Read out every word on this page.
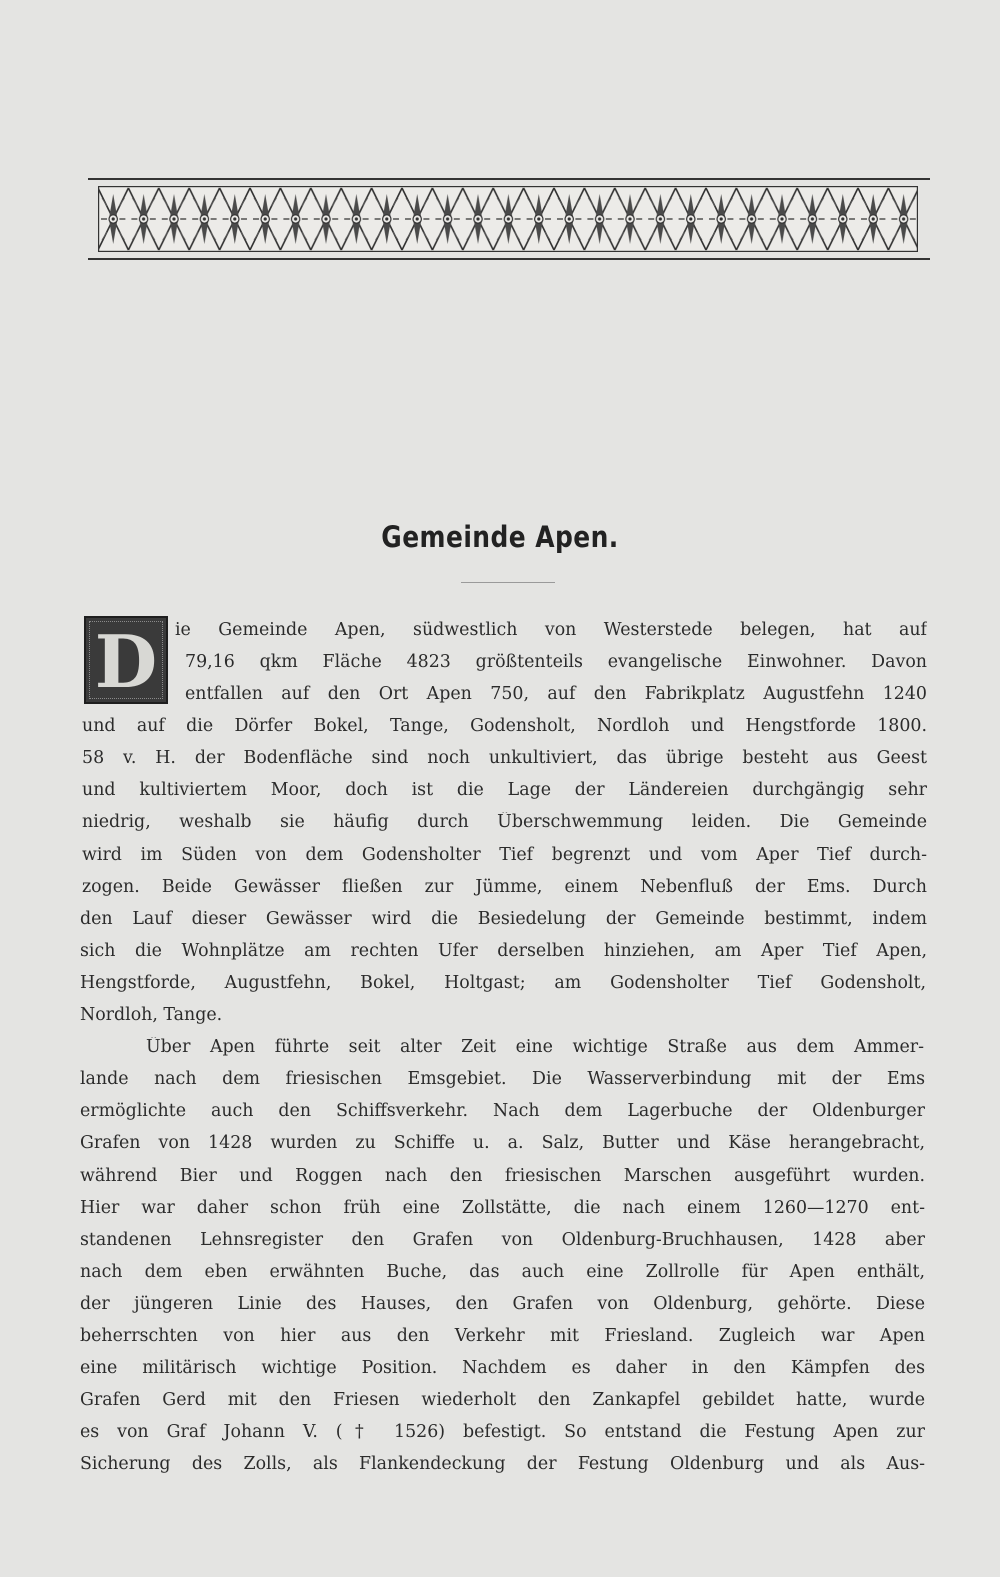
Gemeinde Apen.
D	ie Gemeinde Apen, südwestlich von Westerstede belegen, hat auf

79,16 qkm Fläche 4823 größtenteils evangelische Einwohner. Davon

entfallen auf den Ort Apen 750, auf den Fabrikplatz Augustfehn 1240

und auf die Dörfer Bokel, Tange, Godensholt, Nordloh und Hengstforde 1800.

58 v. H. der Bodenfläche sind noch unkultiviert, das übrige besteht aus Geest

und kultiviertem Moor, doch ist die Lage der Ländereien durchgängig sehr

niedrig, weshalb sie häufig durch Überschwemmung leiden. Die Gemeinde

wird im Süden von dem Godensholter Tief begrenzt und vom Aper Tief durch-

zogen. Beide Gewässer fließen zur Jümme, einem Nebenfluß der Ems. Durch

den Lauf dieser Gewässer wird die Besiedelung der Gemeinde bestimmt, indem

sich die Wohnplätze am rechten Ufer derselben hinziehen, am Aper Tief Apen,

Hengstforde, Augustfehn, Bokel, Holtgast; am Godensholter Tief Godensholt,

Nordloh, Tange.

Über Apen führte seit alter Zeit eine wichtige Straße aus dem Ammer-

lande nach dem friesischen Emsgebiet. Die Wasserverbindung mit der Ems

ermöglichte auch den Schiffsverkehr. Nach dem Lagerbuche der Oldenburger

Grafen von 1428 wurden zu Schiffe u. a. Salz, Butter und Käse herangebracht,

während Bier und Roggen nach den friesischen Marschen ausgeführt wurden.

Hier war daher schon früh eine Zollstätte, die nach einem 1260—1270 ent-

standenen Lehnsregister den Grafen von Oldenburg-Bruchhausen, 1428 aber

nach dem eben erwähnten Buche, das auch eine Zollrolle für Apen enthält,

der jüngeren Linie des Hauses, den Grafen von Oldenburg, gehörte. Diese

beherrschten von hier aus den Verkehr mit Friesland. Zugleich war Apen

eine militärisch wichtige Position. Nachdem es daher in den Kämpfen des

Grafen Gerd mit den Friesen wiederholt den Zankapfel gebildet hatte, wurde

es von Graf Johann V. († 1526) befestigt. So entstand die Festung Apen zur

Sicherung des Zolls, als Flankendeckung der Festung Oldenburg und als Aus-
